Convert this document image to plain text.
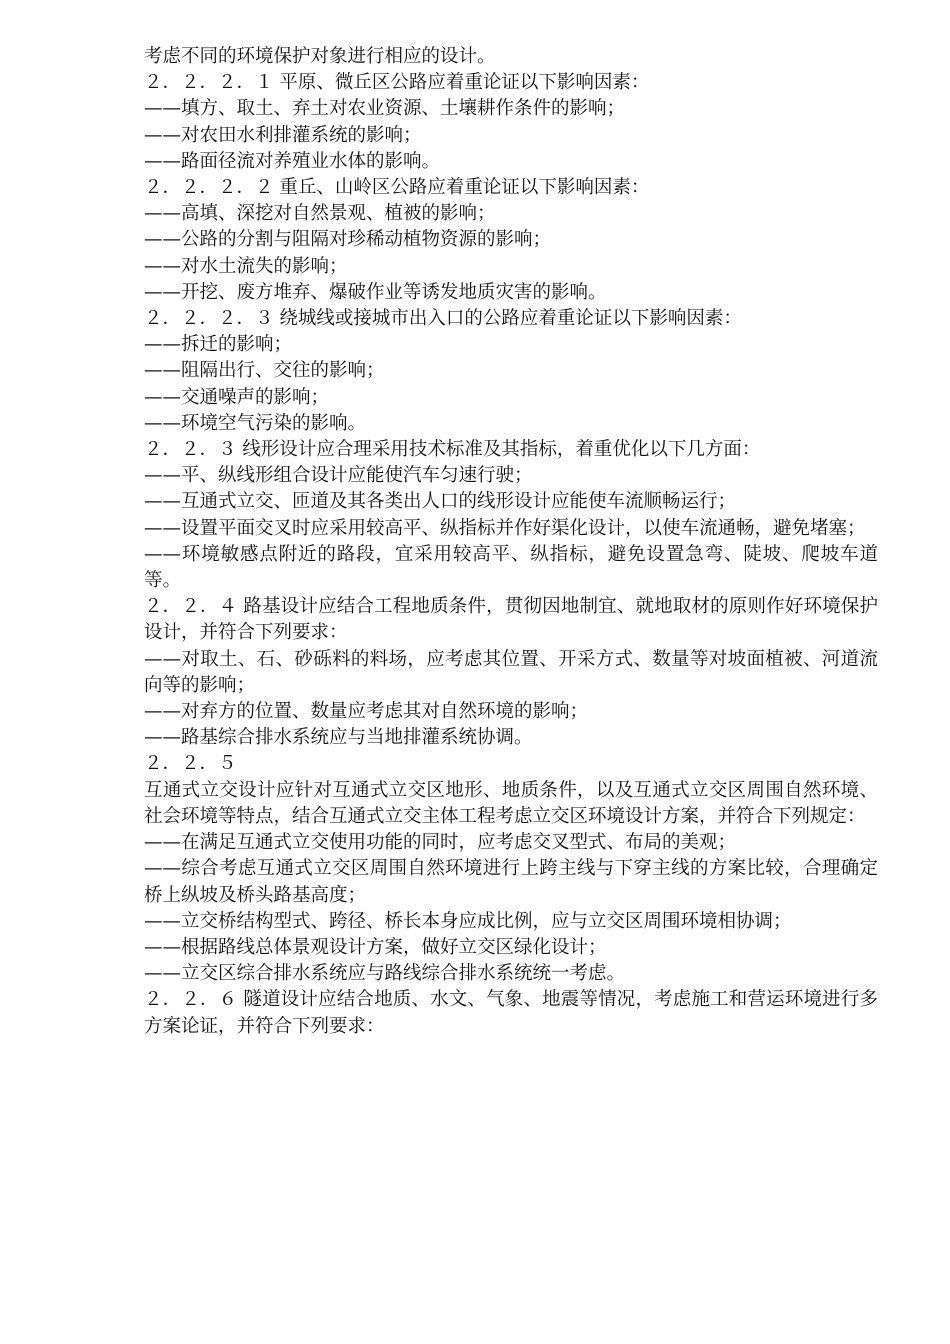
考虑不同的环境保护对象进行相应的设计。

２．２．２．１ 平原、微丘区公路应着重论证以下影响因素：

——填方、取土、弃土对农业资源、土壤耕作条件的影响；

——对农田水利排灌系统的影响；

——路面径流对养殖业水体的影响。

２．２．２．２ 重丘、山岭区公路应着重论证以下影响因素：

——高填、深挖对自然景观、植被的影响；

——公路的分割与阻隔对珍稀动植物资源的影响；

——对水土流失的影响；

——开挖、废方堆弃、爆破作业等诱发地质灾害的影响。

２．２．２．３ 绕城线或接城市出入口的公路应着重论证以下影响因素：

——拆迁的影响；

——阻隔出行、交往的影响；

——交通噪声的影响；

——环境空气污染的影响。

２．２．３ 线形设计应合理采用技术标准及其指标，着重优化以下几方面：

——平、纵线形组合设计应能使汽车匀速行驶；

——互通式立交、匝道及其各类出人口的线形设计应能使车流顺畅运行；

——设置平面交叉时应采用较高平、纵指标并作好渠化设计，以使车流通畅，避免堵塞；

——环境敏感点附近的路段，宜采用较高平、纵指标，避免设置急弯、陡坡、爬坡车道等。

２．２．４ 路基设计应结合工程地质条件，贯彻因地制宜、就地取材的原则作好环境保护设计，并符合下列要求：

——对取土、石、砂砾料的料场，应考虑其位置、开采方式、数量等对坡面植被、河道流向等的影响；

——对弃方的位置、数量应考虑其对自然环境的影响；

——路基综合排水系统应与当地排灌系统协调。

２．２．５

互通式立交设计应针对互通式立交区地形、地质条件，以及互通式立交区周围自然环境、社会环境等特点，结合互通式立交主体工程考虑立交区环境设计方案，并符合下列规定：

——在满足互通式立交使用功能的同时，应考虑交叉型式、布局的美观；

——综合考虑互通式立交区周围自然环境进行上跨主线与下穿主线的方案比较，合理确定桥上纵坡及桥头路基高度；

——立交桥结构型式、跨径、桥长本身应成比例，应与立交区周围环境相协调；

——根据路线总体景观设计方案，做好立交区绿化设计；

——立交区综合排水系统应与路线综合排水系统统一考虑。

２．２．６ 隧道设计应结合地质、水文、气象、地震等情况，考虑施工和营运环境进行多方案论证，并符合下列要求：
